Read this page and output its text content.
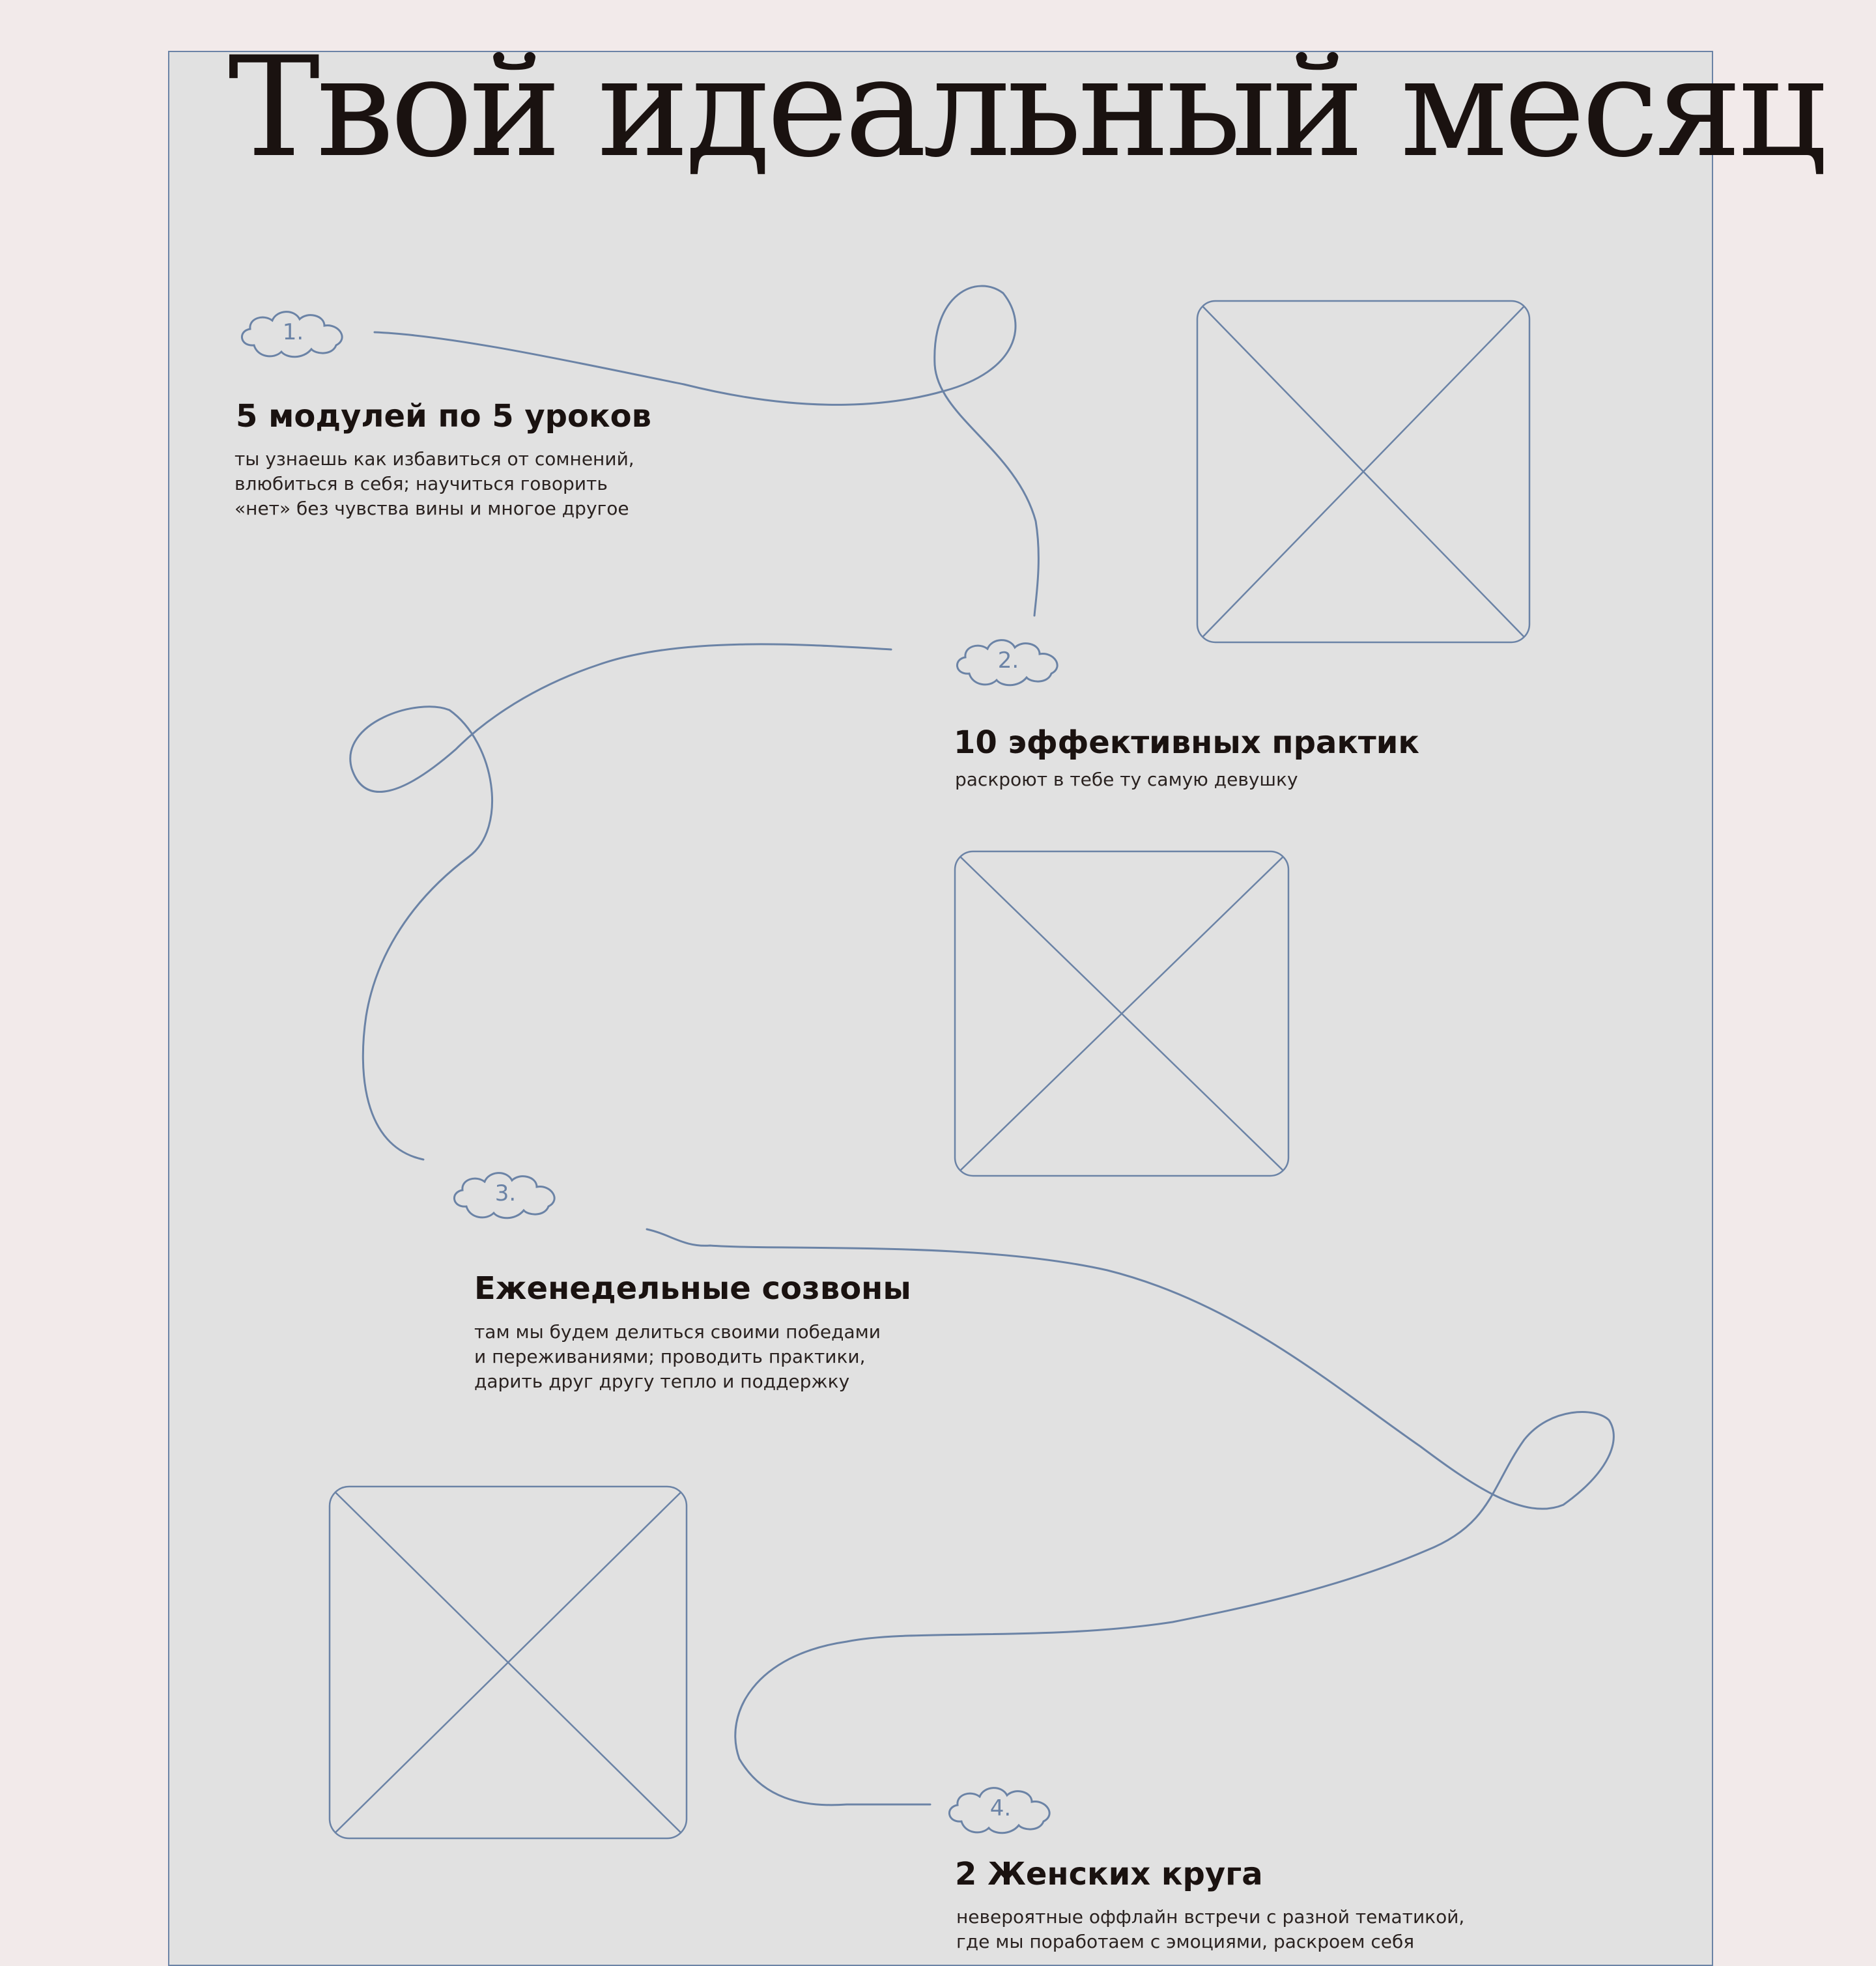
Твой идеальный месяц
1.
5 модулей по 5 уроков

ты узнаешь как избавиться от сомнений,
влюбиться в себя; научиться говорить
«нет» без чувства вины и многое другое

2.
10 эффективных практик

раскроют в тебе ту самую девушку

3.
Еженедельные созвоны

там мы будем делиться своими победами
и переживаниями; проводить практики,
дарить друг другу тепло и поддержку

4.
2 Женских круга

невероятные оффлайн встречи с разной тематикой,
где мы поработаем с эмоциями, раскроем себя
